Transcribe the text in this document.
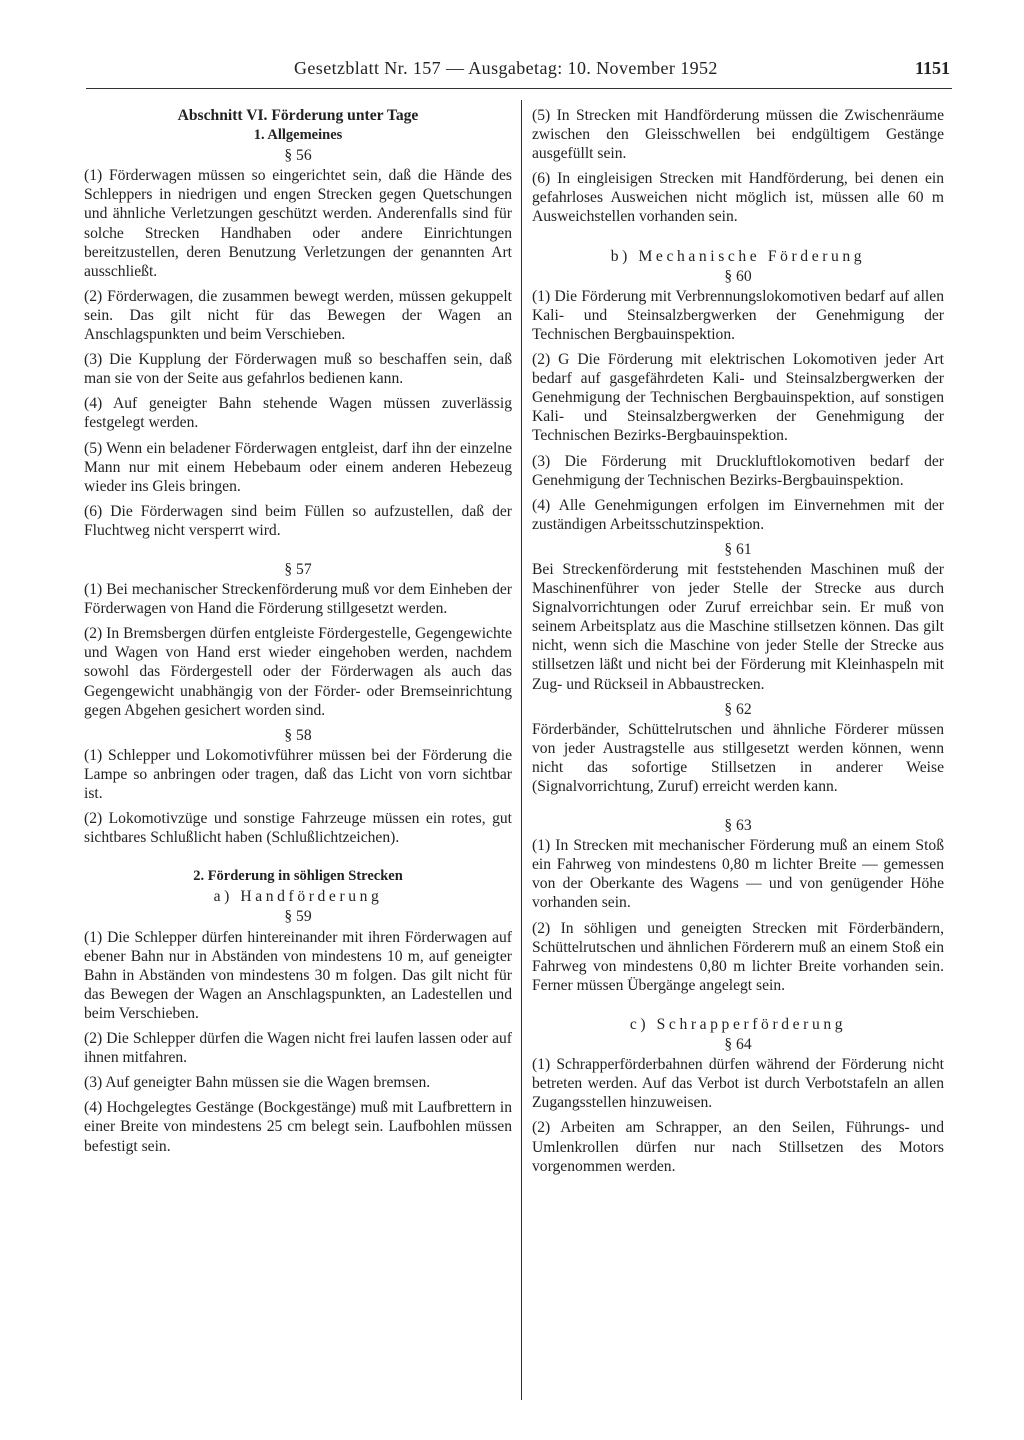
Gesetzblatt Nr. 157 — Ausgabetag: 10. November 1952	1151

Abschnitt VI. Förderung unter Tage

1. Allgemeines

§ 56

(1) Förderwagen müssen so eingerichtet sein, daß die Hände des Schleppers in niedrigen und engen Strecken gegen Quetschungen und ähnliche Verletzungen geschützt werden. Anderenfalls sind für solche Strecken Handhaben oder andere Einrichtungen bereitzustellen, deren Benutzung Verletzungen der genannten Art ausschließt.

(2) Förderwagen, die zusammen bewegt werden, müssen gekuppelt sein. Das gilt nicht für das Bewegen der Wagen an Anschlagspunkten und beim Verschieben.

(3) Die Kupplung der Förderwagen muß so beschaffen sein, daß man sie von der Seite aus gefahrlos bedienen kann.

(4) Auf geneigter Bahn stehende Wagen müssen zuverlässig festgelegt werden.

(5) Wenn ein beladener Förderwagen entgleist, darf ihn der einzelne Mann nur mit einem Hebebaum oder einem anderen Hebezeug wieder ins Gleis bringen.

(6) Die Förderwagen sind beim Füllen so aufzustellen, daß der Fluchtweg nicht versperrt wird.

§ 57

(1) Bei mechanischer Streckenförderung muß vor dem Einheben der Förderwagen von Hand die Förderung stillgesetzt werden.

(2) In Bremsbergen dürfen entgleiste Fördergestelle, Gegengewichte und Wagen von Hand erst wieder eingehoben werden, nachdem sowohl das Fördergestell oder der Förderwagen als auch das Gegengewicht unabhängig von der Förder- oder Bremseinrichtung gegen Abgehen gesichert worden sind.

§ 58

(1) Schlepper und Lokomotivführer müssen bei der Förderung die Lampe so anbringen oder tragen, daß das Licht von vorn sichtbar ist.

(2) Lokomotivzüge und sonstige Fahrzeuge müssen ein rotes, gut sichtbares Schlußlicht haben (Schlußlichtzeichen).

2. Förderung in söhligen Strecken

a) Handförderung

§ 59

(1) Die Schlepper dürfen hintereinander mit ihren Förderwagen auf ebener Bahn nur in Abständen von mindestens 10 m, auf geneigter Bahn in Abständen von mindestens 30 m folgen. Das gilt nicht für das Bewegen der Wagen an Anschlagspunkten, an Ladestellen und beim Verschieben.

(2) Die Schlepper dürfen die Wagen nicht frei laufen lassen oder auf ihnen mitfahren.

(3) Auf geneigter Bahn müssen sie die Wagen bremsen.

(4) Hochgelegtes Gestänge (Bockgestänge) muß mit Laufbrettern in einer Breite von mindestens 25 cm belegt sein. Laufbohlen müssen befestigt sein.

(5) In Strecken mit Handförderung müssen die Zwischenräume zwischen den Gleisschwellen bei endgültigem Gestänge ausgefüllt sein.

(6) In eingleisigen Strecken mit Handförderung, bei denen ein gefahrloses Ausweichen nicht möglich ist, müssen alle 60 m Ausweichstellen vorhanden sein.

b) Mechanische Förderung

§ 60

(1) Die Förderung mit Verbrennungslokomotiven bedarf auf allen Kali- und Steinsalzbergwerken der Genehmigung der Technischen Bergbauinspektion.

(2) G Die Förderung mit elektrischen Lokomotiven jeder Art bedarf auf gasgefährdeten Kali- und Steinsalzbergwerken der Genehmigung der Technischen Bergbauinspektion, auf sonstigen Kali- und Steinsalzbergwerken der Genehmigung der Technischen Bezirks-Bergbauinspektion.

(3) Die Förderung mit Druckluftlokomotiven bedarf der Genehmigung der Technischen Bezirks-Bergbauinspektion.

(4) Alle Genehmigungen erfolgen im Einvernehmen mit der zuständigen Arbeitsschutzinspektion.

§ 61

Bei Streckenförderung mit feststehenden Maschinen muß der Maschinenführer von jeder Stelle der Strecke aus durch Signalvorrichtungen oder Zuruf erreichbar sein. Er muß von seinem Arbeitsplatz aus die Maschine stillsetzen können. Das gilt nicht, wenn sich die Maschine von jeder Stelle der Strecke aus stillsetzen läßt und nicht bei der Förderung mit Kleinhaspeln mit Zug- und Rückseil in Abbaustrecken.

§ 62

Förderbänder, Schüttelrutschen und ähnliche Förderer müssen von jeder Austragstelle aus stillgesetzt werden können, wenn nicht das sofortige Stillsetzen in anderer Weise (Signalvorrichtung, Zuruf) erreicht werden kann.

§ 63

(1) In Strecken mit mechanischer Förderung muß an einem Stoß ein Fahrweg von mindestens 0,80 m lichter Breite — gemessen von der Oberkante des Wagens — und von genügender Höhe vorhanden sein.

(2) In söhligen und geneigten Strecken mit Förderbändern, Schüttelrutschen und ähnlichen Förderern muß an einem Stoß ein Fahrweg von mindestens 0,80 m lichter Breite vorhanden sein. Ferner müssen Übergänge angelegt sein.

c) Schrapperförderung

§ 64

(1) Schrapperförderbahnen dürfen während der Förderung nicht betreten werden. Auf das Verbot ist durch Verbotstafeln an allen Zugangsstellen hinzuweisen.

(2) Arbeiten am Schrapper, an den Seilen, Führungs- und Umlenkrollen dürfen nur nach Stillsetzen des Motors vorgenommen werden.
